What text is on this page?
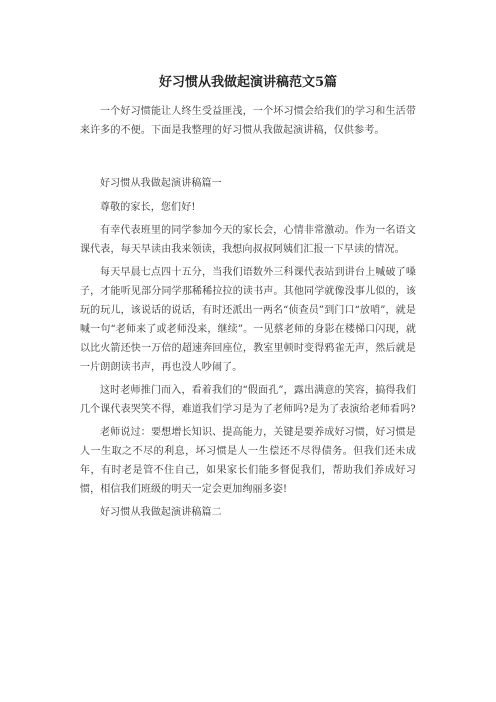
好习惯从我做起演讲稿范文5篇

一个好习惯能让人终生受益匪浅，一个坏习惯会给我们的学习和生活带来许多的不便。下面是我整理的好习惯从我做起演讲稿，仅供参考。

好习惯从我做起演讲稿篇一

尊敬的家长，您们好!

有幸代表班里的同学参加今天的家长会，心情非常激动。作为一名语文课代表，每天早读由我来领读，我想向叔叔阿姨们汇报一下早读的情况。

每天早晨七点四十五分，当我们语数外三科课代表站到讲台上喊破了嗓子，才能听见部分同学那稀稀拉拉的读书声。其他同学就像没事儿似的，该玩的玩儿，该说话的说话，有时还派出一两名“侦查员”到门口“放哨”，就是喊一句“老师来了或老师没来，继续”。一见蔡老师的身影在楼梯口闪现，就以比火箭还快一万倍的超速奔回座位，教室里顿时变得鸦雀无声，然后就是一片朗朗读书声，再也没人吵闹了。

这时老师推门而入，看着我们的“假面孔”，露出满意的笑容，搞得我们几个课代表哭笑不得，难道我们学习是为了老师吗?是为了表演给老师看吗?

老师说过：要想增长知识、提高能力，关键是要养成好习惯，好习惯是人一生取之不尽的利息，坏习惯是人一生偿还不尽得债务。但我们还未成年，有时老是管不住自己，如果家长们能多督促我们，帮助我们养成好习惯，相信我们班级的明天一定会更加绚丽多姿!

好习惯从我做起演讲稿篇二
